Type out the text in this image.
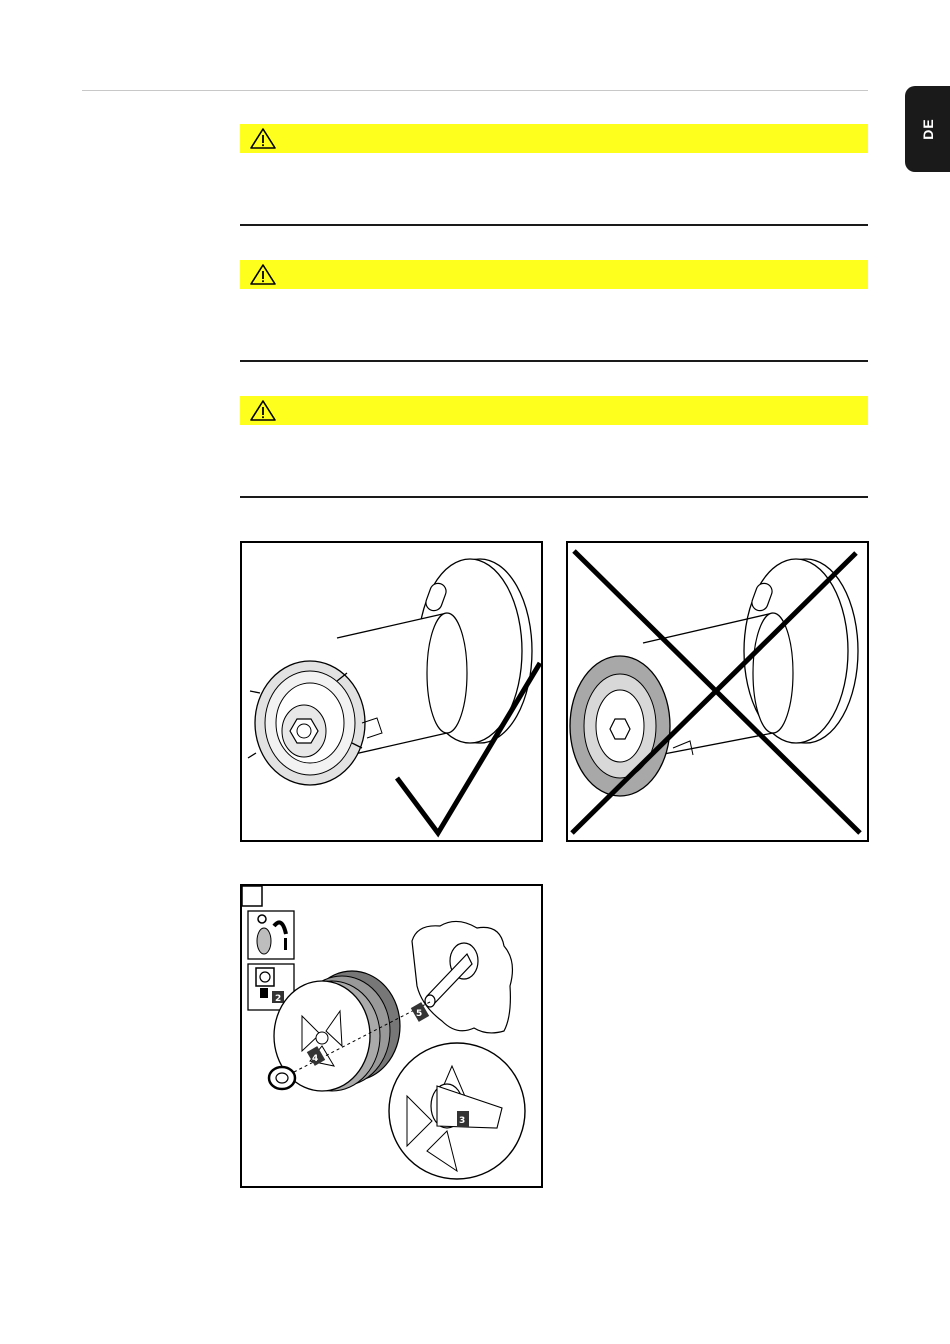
DE
2
4
5
3
